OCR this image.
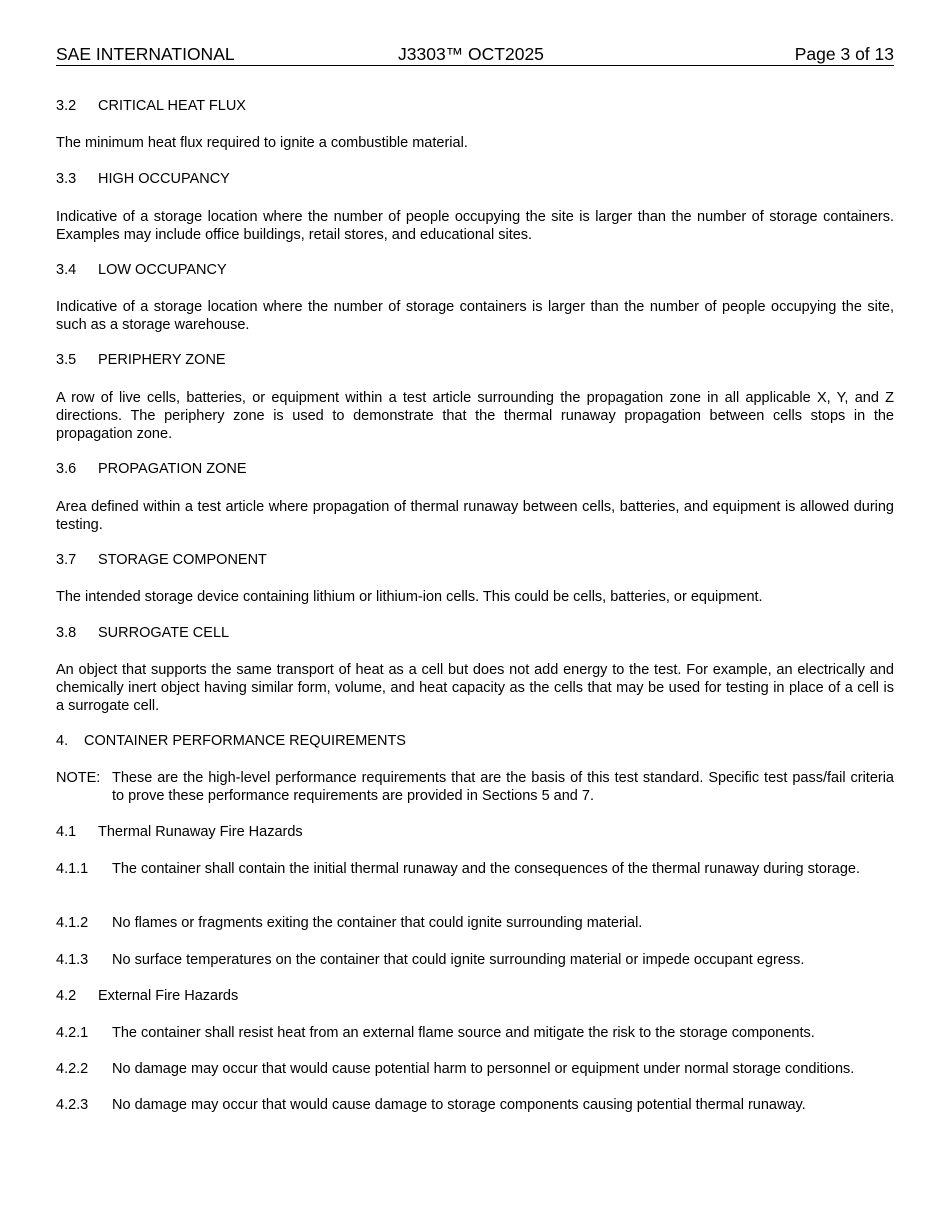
SAE INTERNATIONAL	J3303™ OCT2025	Page 3 of 13
3.2 CRITICAL HEAT FLUX
The minimum heat flux required to ignite a combustible material.
3.3 HIGH OCCUPANCY
Indicative of a storage location where the number of people occupying the site is larger than the number of storage containers. Examples may include office buildings, retail stores, and educational sites.
3.4 LOW OCCUPANCY
Indicative of a storage location where the number of storage containers is larger than the number of people occupying the site, such as a storage warehouse.
3.5 PERIPHERY ZONE
A row of live cells, batteries, or equipment within a test article surrounding the propagation zone in all applicable X, Y, and Z directions. The periphery zone is used to demonstrate that the thermal runaway propagation between cells stops in the propagation zone.
3.6 PROPAGATION ZONE
Area defined within a test article where propagation of thermal runaway between cells, batteries, and equipment is allowed during testing.
3.7 STORAGE COMPONENT
The intended storage device containing lithium or lithium-ion cells. This could be cells, batteries, or equipment.
3.8 SURROGATE CELL
An object that supports the same transport of heat as a cell but does not add energy to the test. For example, an electrically and chemically inert object having similar form, volume, and heat capacity as the cells that may be used for testing in place of a cell is a surrogate cell.
4. CONTAINER PERFORMANCE REQUIREMENTS
NOTE: These are the high-level performance requirements that are the basis of this test standard. Specific test pass/fail criteria to prove these performance requirements are provided in Sections 5 and 7.
4.1 Thermal Runaway Fire Hazards
4.1.1	The container shall contain the initial thermal runaway and the consequences of the thermal runaway during storage.
4.1.2	No flames or fragments exiting the container that could ignite surrounding material.
4.1.3	No surface temperatures on the container that could ignite surrounding material or impede occupant egress.
4.2 External Fire Hazards
4.2.1	The container shall resist heat from an external flame source and mitigate the risk to the storage components.
4.2.2	No damage may occur that would cause potential harm to personnel or equipment under normal storage conditions.
4.2.3	No damage may occur that would cause damage to storage components causing potential thermal runaway.
